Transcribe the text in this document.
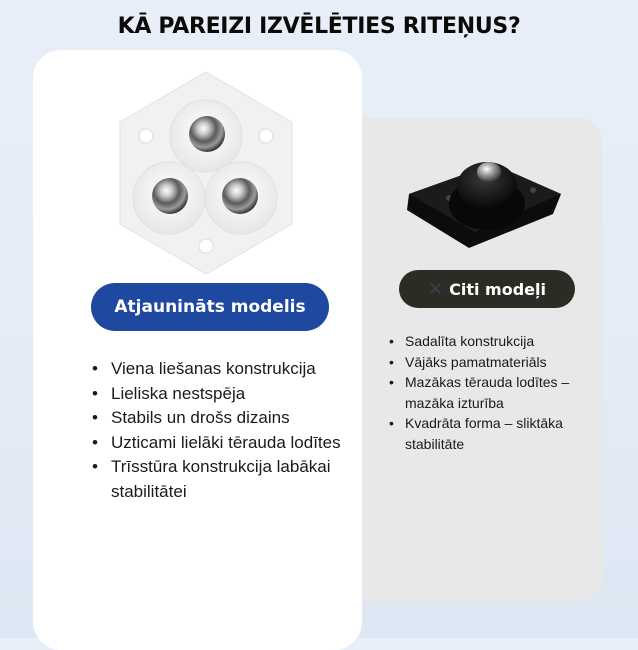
KĀ PAREIZI IZVĒLĒTIES RITEŅUS?
Atjaunināts modelis
✕ Citi modeļi
• Viena liešanas konstrukcija
• Lieliska nestspēja
• Stabils un drošs dizains
• Uzticami lielāki tērauda lodītes
• Trīsstūra konstrukcija labākai stabilitātei
• Sadalīta konstrukcija
• Vājāks pamatmateriāls
• Mazākas tērauda lodītes – mazāka izturība
• Kvadrāta forma – sliktāka stabilitāte
